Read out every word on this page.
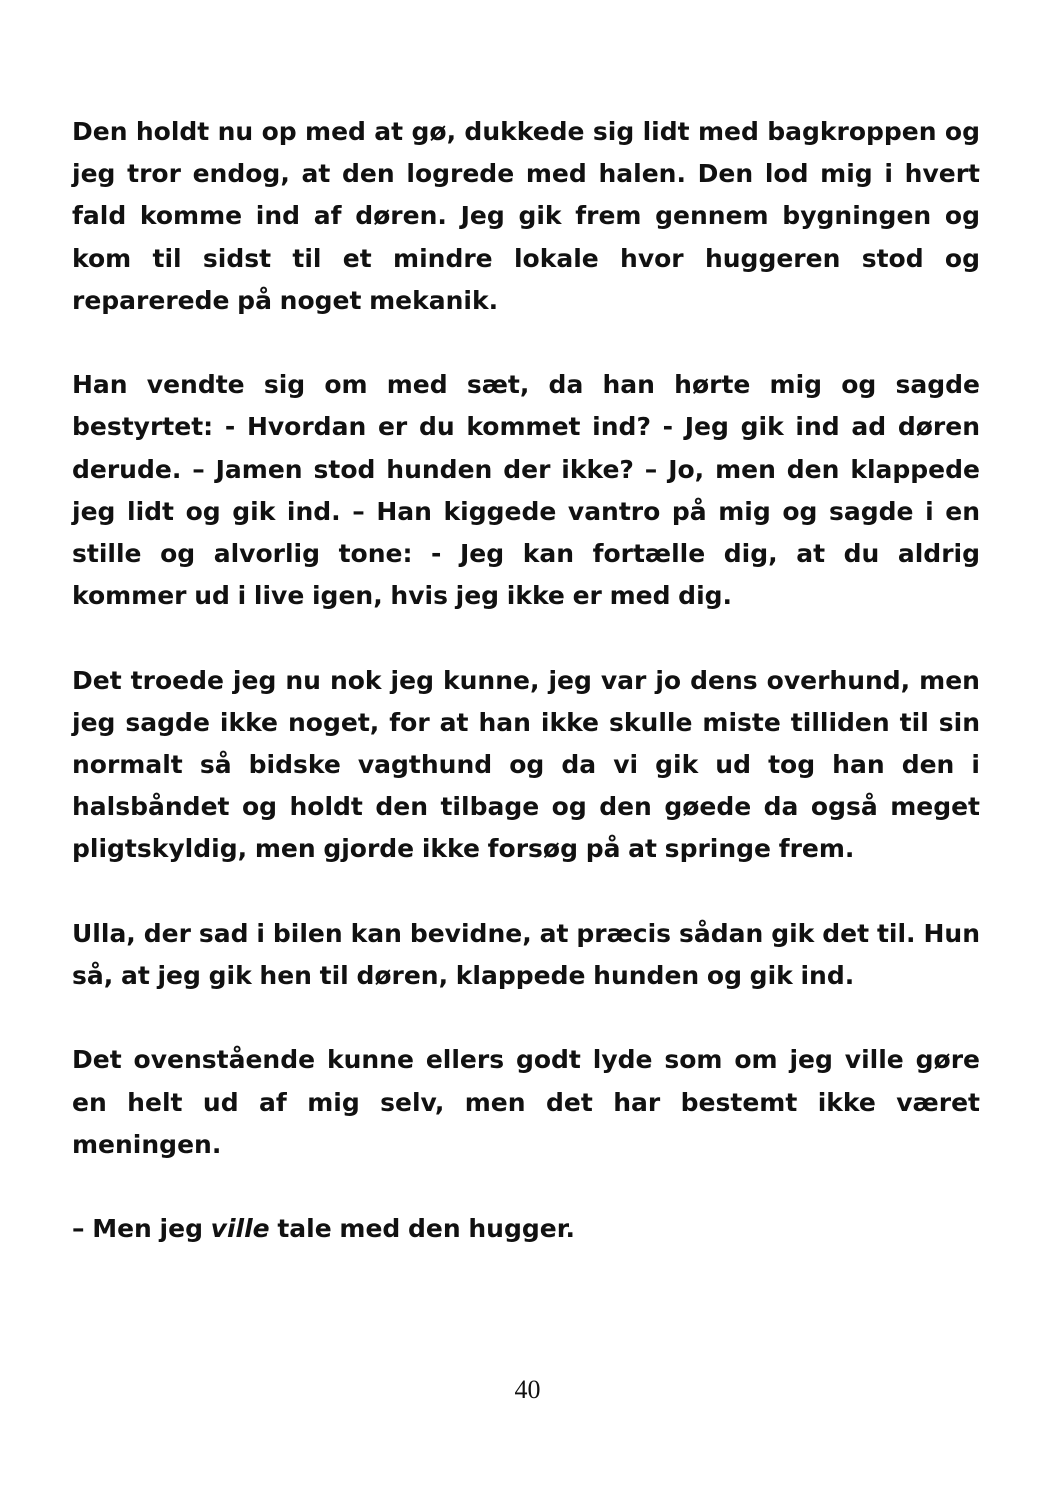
Den holdt nu op med at gø, dukkede sig lidt med bagkroppen og jeg tror endog, at den logrede med halen. Den lod mig i hvert fald komme ind af døren. Jeg gik frem gennem bygningen og kom til sidst til et mindre lokale hvor huggeren stod og reparerede på noget mekanik.

Han vendte sig om med sæt, da han hørte mig og sagde bestyrtet: - Hvordan er du kommet ind? - Jeg gik ind ad døren derude. – Jamen stod hunden der ikke? – Jo, men den klappede jeg lidt og gik ind. – Han kiggede vantro på mig og sagde i en stille og alvorlig tone: - Jeg kan fortælle dig, at du aldrig kommer ud i live igen, hvis jeg ikke er med dig.

Det troede jeg nu nok jeg kunne, jeg var jo dens overhund, men jeg sagde ikke noget, for at han ikke skulle miste tilliden til sin normalt så bidske vagthund og da vi gik ud tog han den i halsbåndet og holdt den tilbage og den gøede da også meget pligtskyldig, men gjorde ikke forsøg på at springe frem.

Ulla, der sad i bilen kan bevidne, at præcis sådan gik det til. Hun så, at jeg gik hen til døren, klappede hunden og gik ind.

Det ovenstående kunne ellers godt lyde som om jeg ville gøre en helt ud af mig selv, men det har bestemt ikke været meningen.

– Men jeg ville tale med den hugger.

40
